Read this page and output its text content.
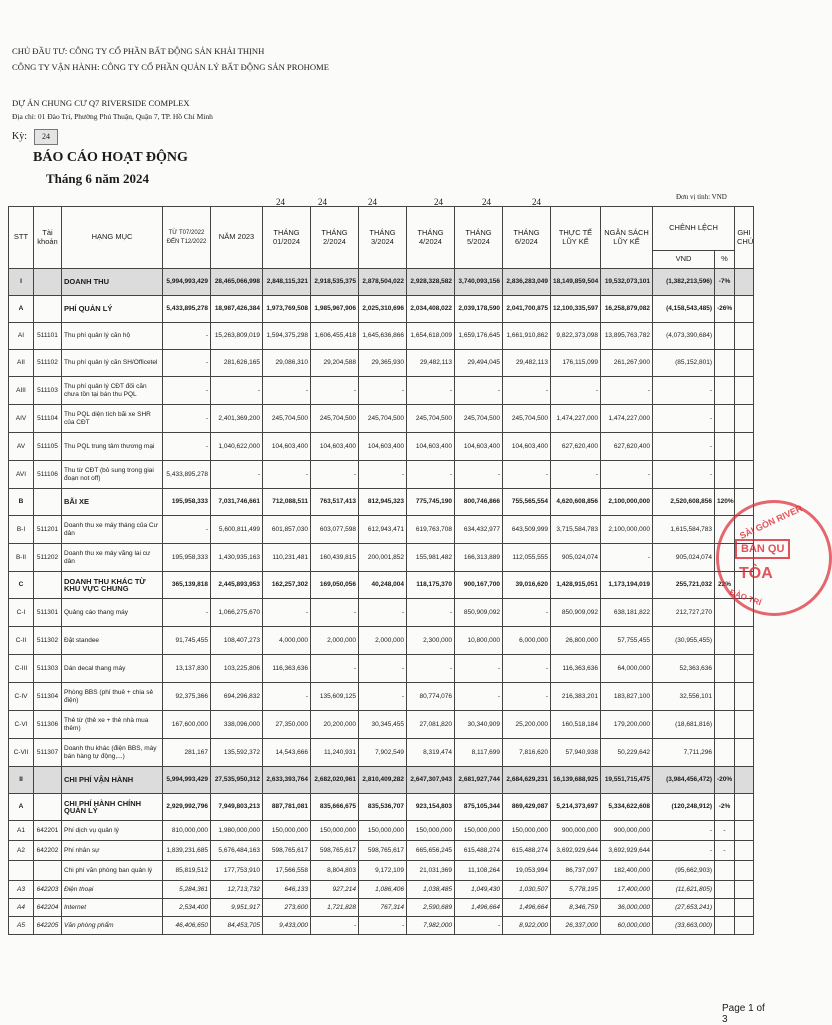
CHỦ ĐẦU TƯ: CÔNG TY CỔ PHẦN BẤT ĐỘNG SẢN KHẢI THỊNH
CÔNG TY VẬN HÀNH: CÔNG TY CỔ PHẦN QUẢN LÝ BẤT ĐỘNG SẢN PROHOME
DỰ ÁN CHUNG CƯ Q7 RIVERSIDE COMPLEX
Địa chỉ: 01 Đào Trí, Phường Phú Thuận, Quận 7, TP. Hồ Chí Minh
Kỳ:	24
BÁO CÁO HOẠT ĐỘNG
Tháng 6 năm 2024
24	24	24	24	24	24	Đơn vị tính: VND
STT	Tài khoản	HẠNG MỤC	TỪ T07/2022 ĐẾN T12/2022	NĂM 2023	THÁNG 01/2024	THÁNG 2/2024	THÁNG 3/2024	THÁNG 4/2024	THÁNG 5/2024	THÁNG 6/2024	THỰC TẾ LŨY KẾ	NGÂN SÁCH LŨY KẾ	CHÊNH LỆCH		GHI CHÚ
													VND	%	
I		DOANH THU	5,994,993,429	28,465,066,998	2,848,115,321	2,918,535,375	2,878,504,022	2,928,328,582	3,740,093,156	2,836,283,049	18,149,859,504	19,532,073,101	(1,382,213,596)	-7%	
A		PHÍ QUẢN LÝ	5,433,895,278	18,987,426,384	1,973,769,508	1,985,967,906	2,025,310,696	2,034,408,022	2,039,178,590	2,041,700,875	12,100,335,597	16,258,879,082	(4,158,543,485)	-26%	
AI	511101	Thu phí quản lý căn hộ	-	15,263,809,019	1,594,375,298	1,606,455,418	1,645,636,866	1,654,618,009	1,659,176,645	1,661,910,862	9,822,373,098	13,895,763,782	(4,073,390,684)		
AII	511102	Thu phí quản lý căn SH/Officetel	-	281,626,165	29,086,310	29,204,588	29,365,930	29,482,113	29,494,045	29,482,113	176,115,099	261,267,900	(85,152,801)		
AIII	511103	Thu phí quản lý CĐT đối căn chưa tồn tại bán thu PQL	-	-	-	-	-	-	-	-	-	-	-		
AIV	511104	Thu PQL diện tích bãi xe SHR của CĐT	-	2,401,369,200	245,704,500	245,704,500	245,704,500	245,704,500	245,704,500	245,704,500	1,474,227,000	1,474,227,000	-		
AV	511105	Thu PQL trung tâm thương mại	-	1,040,622,000	104,603,400	104,603,400	104,603,400	104,603,400	104,603,400	104,603,400	627,620,400	627,620,400	-		
AVI	511106	Thu từ CĐT (bỏ sung trong giai đoạn not off)	5,433,895,278	-	-	-	-	-	-	-	-	-	-		
B		BÃI XE	195,958,333	7,031,746,661	712,088,511	763,517,413	812,945,323	775,745,190	800,746,866	755,565,554	4,620,608,856	2,100,000,000	2,520,608,856	120%	
B-I	511201	Doanh thu xe máy tháng của Cư dân	-	5,600,811,499	601,857,030	603,077,598	612,943,471	619,763,708	634,432,977	643,509,999	3,715,584,783	2,100,000,000	1,615,584,783		
B-II	511202	Doanh thu xe máy vãng lai cư dân	195,958,333	1,430,935,163	110,231,481	160,439,815	200,001,852	155,981,482	166,313,889	112,055,555	905,024,074	-	905,024,074		
C		DOANH THU KHÁC TỪ KHU VỰC CHUNG	365,139,818	2,445,893,953	162,257,302	169,050,056	40,248,004	118,175,370	900,167,700	39,016,620	1,428,915,051	1,173,194,019	255,721,032	22%	
C-I	511301	Quảng cáo thang máy	-	1,066,275,670	-	-	-	-	850,909,092	-	850,909,092	638,181,822	212,727,270		
C-II	511302	Đặt standee	91,745,455	108,407,273	4,000,000	2,000,000	2,000,000	2,300,000	10,800,000	6,000,000	26,800,000	57,755,455	(30,955,455)		
C-III	511303	Dán decal thang máy	13,137,830	103,225,806	116,363,636	-	-	-	-	-	116,363,636	64,000,000	52,363,636		
C-IV	511304	Phòng BBS (phí thuê + chia sẻ điện)	92,375,366	694,296,832	-	135,609,125	-	80,774,076	-	-	216,383,201	183,827,100	32,556,101		
C-VI	511306	Thẻ từ (thẻ xe + thẻ nhà mua thêm)	167,600,000	338,096,000	27,350,000	20,200,000	30,345,455	27,081,820	30,340,909	25,200,000	160,518,184	179,200,000	(18,681,816)		
C-VII	511307	Doanh thu khác (điện BBS, máy bán hàng tự động,...)	281,167	135,592,372	14,543,666	11,240,931	7,902,549	8,319,474	8,117,699	7,816,620	57,940,938	50,229,642	7,711,296		
II		CHI PHÍ VẬN HÀNH	5,994,993,429	27,535,950,312	2,633,393,764	2,682,020,961	2,810,409,282	2,647,307,943	2,681,927,744	2,684,629,231	16,139,688,925	19,551,715,475	(3,984,456,472)	-20%	
A		CHI PHÍ HÀNH CHÍNH QUẢN LÝ	2,929,992,796	7,949,803,213	887,781,081	835,666,675	835,536,707	923,154,803	875,105,344	869,429,087	5,214,373,697	5,334,622,608	(120,248,912)	-2%	
A1	642201	Phí dịch vụ quản lý	810,000,000	1,980,000,000	150,000,000	150,000,000	150,000,000	150,000,000	150,000,000	150,000,000	900,000,000	900,000,000	-	-	
A2	642202	Phí nhân sự	1,839,231,685	5,676,484,163	598,765,617	598,765,617	598,765,617	665,656,245	615,488,274	615,488,274	3,692,929,644	3,692,929,644	-	-	
		Chi phí văn phòng ban quản lý	85,819,512	177,753,910	17,566,558	8,804,803	9,172,109	21,031,369	11,108,264	19,053,994	86,737,097	182,400,000	(95,662,903)		
A3	642203	Điện thoại	5,284,361	12,713,732	646,133	927,214	1,086,406	1,038,485	1,049,430	1,030,507	5,778,195	17,400,000	(11,621,805)		
A4	642204	Internet	2,534,400	9,951,917	273,600	1,721,828	767,314	2,590,689	1,496,664	1,496,664	8,346,759	36,000,000	(27,653,241)		
A5	642205	Văn phòng phẩm	46,406,650	84,453,705	9,433,000	-	-	7,982,000	-	8,922,000	26,337,000	60,000,000	(33,663,000)		
SÀI GÒN RIVER
BAN QU
TÒA
ĐÀO TRÍ
Page 1 of 3
